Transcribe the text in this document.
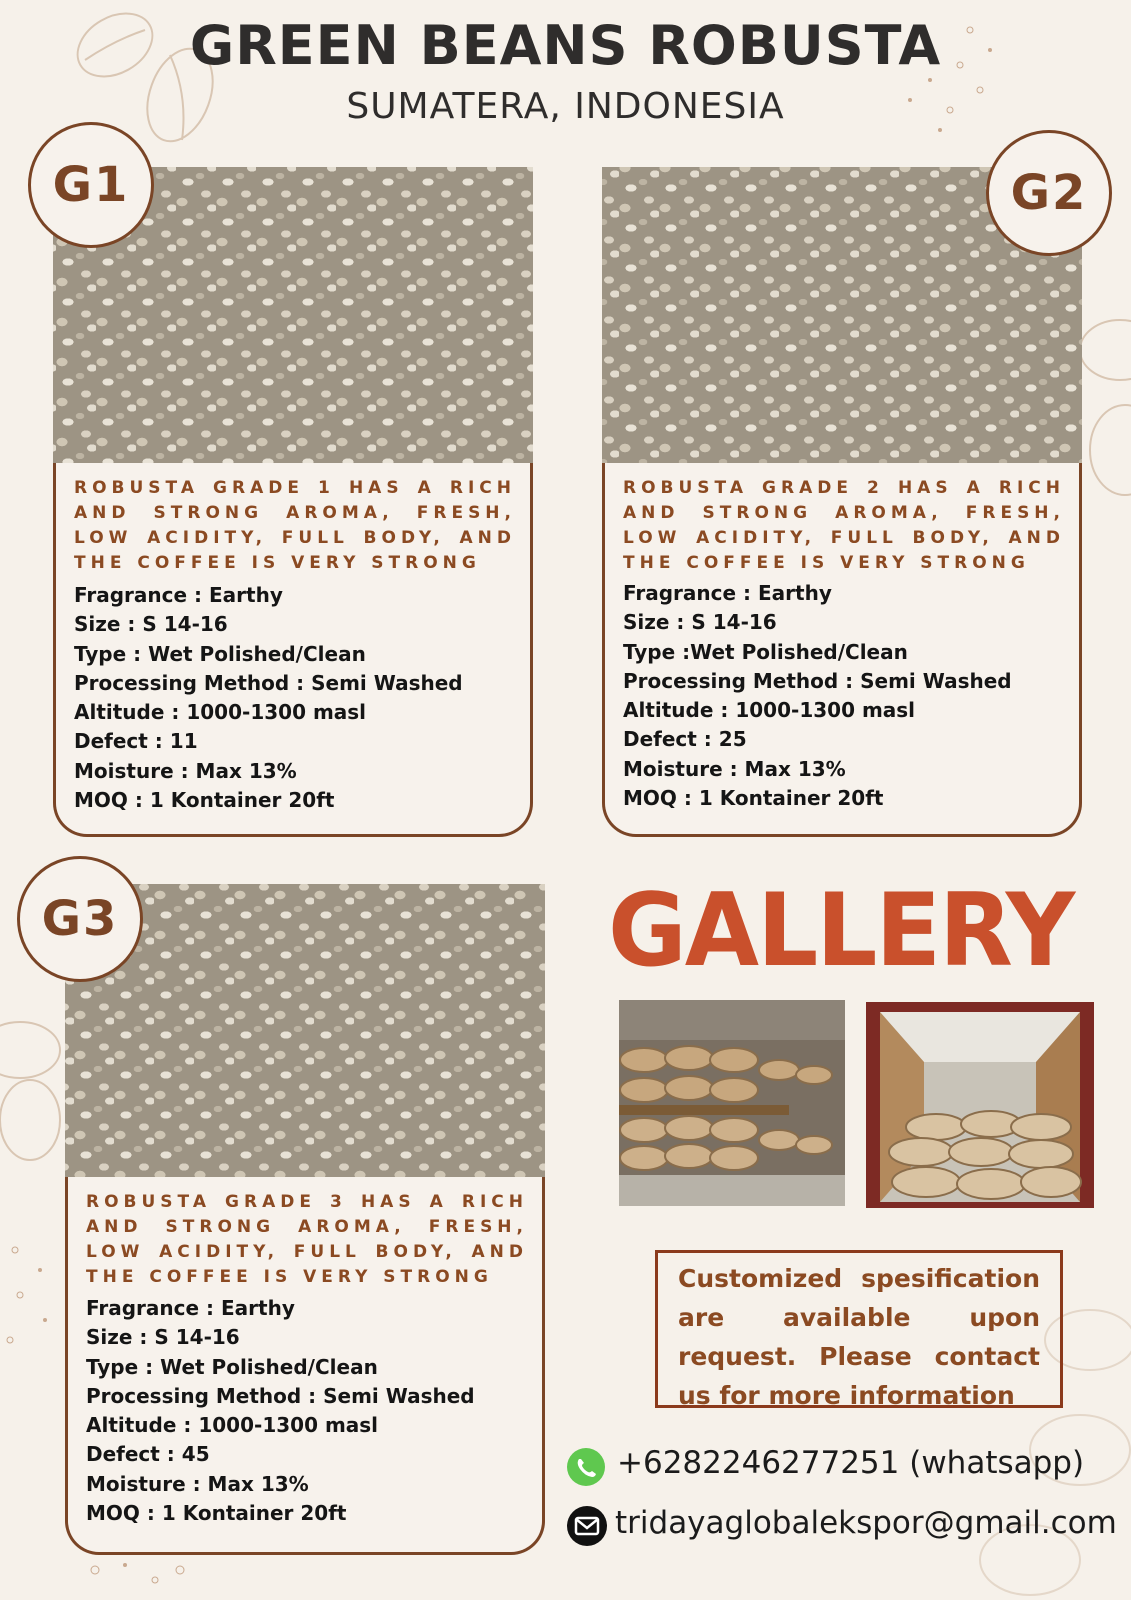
GREEN BEANS ROBUSTA
SUMATERA, INDONESIA
ROBUSTA GRADE 1 HAS A RICH AND STRONG AROMA, FRESH, LOW ACIDITY, FULL BODY, AND THE COFFEE IS VERY STRONG
Fragrance : Earthy
Size : S 14-16
Type : Wet Polished/Clean
Processing Method : Semi Washed
Altitude : 1000-1300 masl
Defect : 11
Moisture : Max 13%
MOQ : 1 Kontainer 20ft
G1
ROBUSTA GRADE 2 HAS A RICH AND STRONG AROMA, FRESH, LOW ACIDITY, FULL BODY, AND THE COFFEE IS VERY STRONG
Fragrance : Earthy
Size : S 14-16
Type :Wet Polished/Clean
Processing Method : Semi Washed
Altitude : 1000-1300 masl
Defect : 25
Moisture : Max 13%
MOQ : 1 Kontainer 20ft
G2
ROBUSTA GRADE 3 HAS A RICH AND STRONG AROMA, FRESH, LOW ACIDITY, FULL BODY, AND THE COFFEE IS VERY STRONG
Fragrance : Earthy
Size : S 14-16
Type : Wet Polished/Clean
Processing Method : Semi Washed
Altitude : 1000-1300 masl
Defect : 45
Moisture : Max 13%
MOQ : 1 Kontainer 20ft
G3	GALLERY
Customized spesification are available upon request. Please contact us for more information
+6282246277251 (whatsapp)
tridayaglobalekspor@gmail.com
